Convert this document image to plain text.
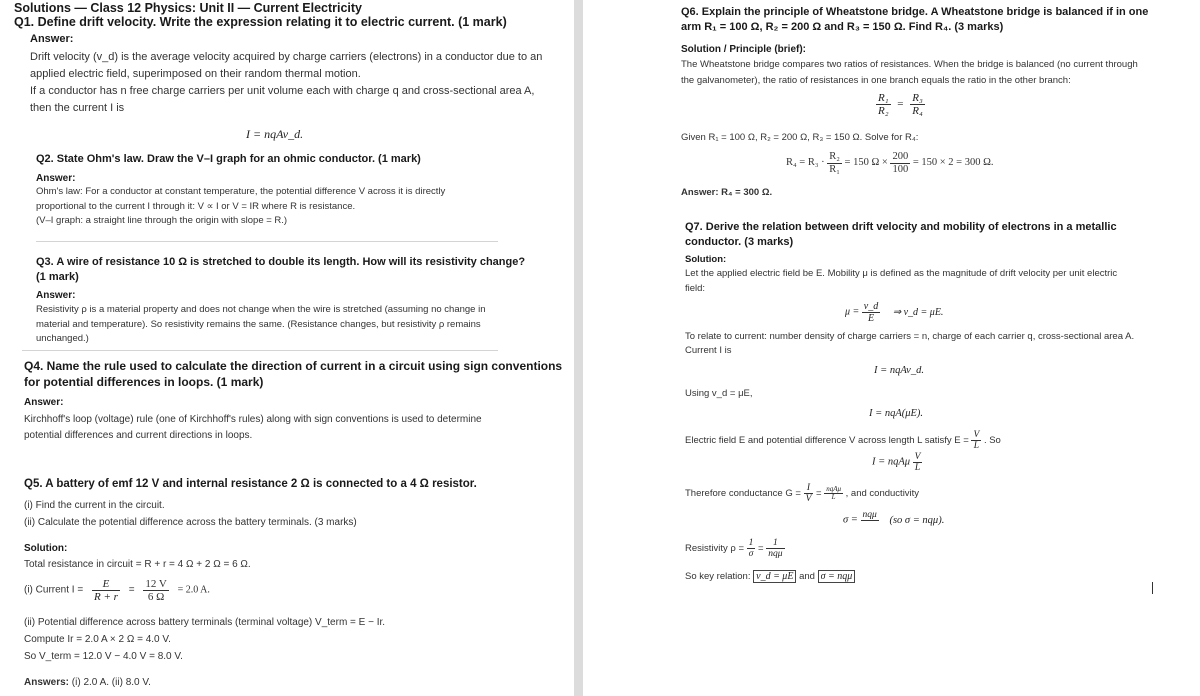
Solutions — Class 12 Physics: Unit II — Current Electricity
Q1. Define drift velocity. Write the expression relating it to electric current. (1 mark)
Answer:
Drift velocity (v_d) is the average velocity acquired by charge carriers (electrons) in a conductor due to an
applied electric field, superimposed on their random thermal motion.
If a conductor has n free charge carriers per unit volume each with charge q and cross-sectional area A,
then the current I is
I = nqAv_d.
Q2. State Ohm's law. Draw the V–I graph for an ohmic conductor. (1 mark)
Answer:
Ohm's law: For a conductor at constant temperature, the potential difference V across it is directly
proportional to the current I through it: V ∝ I or V = IR where R is resistance.
(V–I graph: a straight line through the origin with slope = R.)
Q3. A wire of resistance 10 Ω is stretched to double its length. How will its resistivity change?
(1 mark)
Answer:
Resistivity ρ is a material property and does not change when the wire is stretched (assuming no change in
material and temperature). So resistivity remains the same. (Resistance changes, but resistivity ρ remains
unchanged.)
Q4. Name the rule used to calculate the direction of current in a circuit using sign conventions
for potential differences in loops. (1 mark)
Answer:
Kirchhoff's loop (voltage) rule (one of Kirchhoff's rules) along with sign conventions is used to determine
potential differences and current directions in loops.
Q5. A battery of emf 12 V and internal resistance 2 Ω is connected to a 4 Ω resistor.
(i) Find the current in the circuit.
(ii) Calculate the potential difference across the battery terminals. (3 marks)
Solution:
Total resistance in circuit = R + r = 4 Ω + 2 Ω = 6 Ω.
(i) Current $I = \frac{E}{R + r} = \frac{12 V}{6 \Omega} = 2.0$ A.
(ii) Potential difference across battery terminals (terminal voltage) V_term = E − Ir.
Compute Ir = 2.0 A × 2 Ω = 4.0 V.
So V_term = 12.0 V − 4.0 V = 8.0 V.
Answers: (i) 2.0 A. (ii) 8.0 V.
Q6. Explain the principle of Wheatstone bridge. A Wheatstone bridge is balanced if in one
arm R₁ = 100 Ω, R₂ = 200 Ω and R₃ = 150 Ω. Find R₄. (3 marks)
Solution / Principle (brief):
The Wheatstone bridge compares two ratios of resistances. When the bridge is balanced (no current through
the galvanometer), the ratio of resistances in one branch equals the ratio in the other branch:
$\frac{\text{R₁}}{\text{R₂}} = \frac{\text{R₃}}{\text{R₄}}$
Given R₁ = 100 Ω, R₂ = 200 Ω, R₃ = 150 Ω. Solve for R₄:
$R_4 = R_3 \cdot \frac{\text{R₂}}{\text{R₁}} = 150$ $\Omega \times \frac{200}{100} = 150 \times 2 = 300$ Ω.
Answer: R₄ = 300 Ω.
Q7. Derive the relation between drift velocity and mobility of electrons in a metallic
conductor. (3 marks)
Solution:
Let the applied electric field be E. Mobility μ is defined as the magnitude of drift velocity per unit electric
field:
$\mu = \frac{v\_d}{E}$ ⇒ v_d = μE.
To relate to current: number density of charge carriers = n, charge of each carrier q, cross-sectional area A.
Current I is
I = nqAv_d.
Using v_d = μE,
I = nqA(μE).
Electric field E and potential difference V across length L satisfy $E = \frac{V}{L}$ . So
I = nqAμ $\frac{V}{L}$
Therefore conductance $G = \frac{I}{V} = nqA\mu$
L	, and conductivity
σ = nqμ
(so σ = nqμ).
Resistivity $\rho = \frac{1}{\sigma}$ =
1
nqμ
So key relation: v_d = μE and σ = nqμ
